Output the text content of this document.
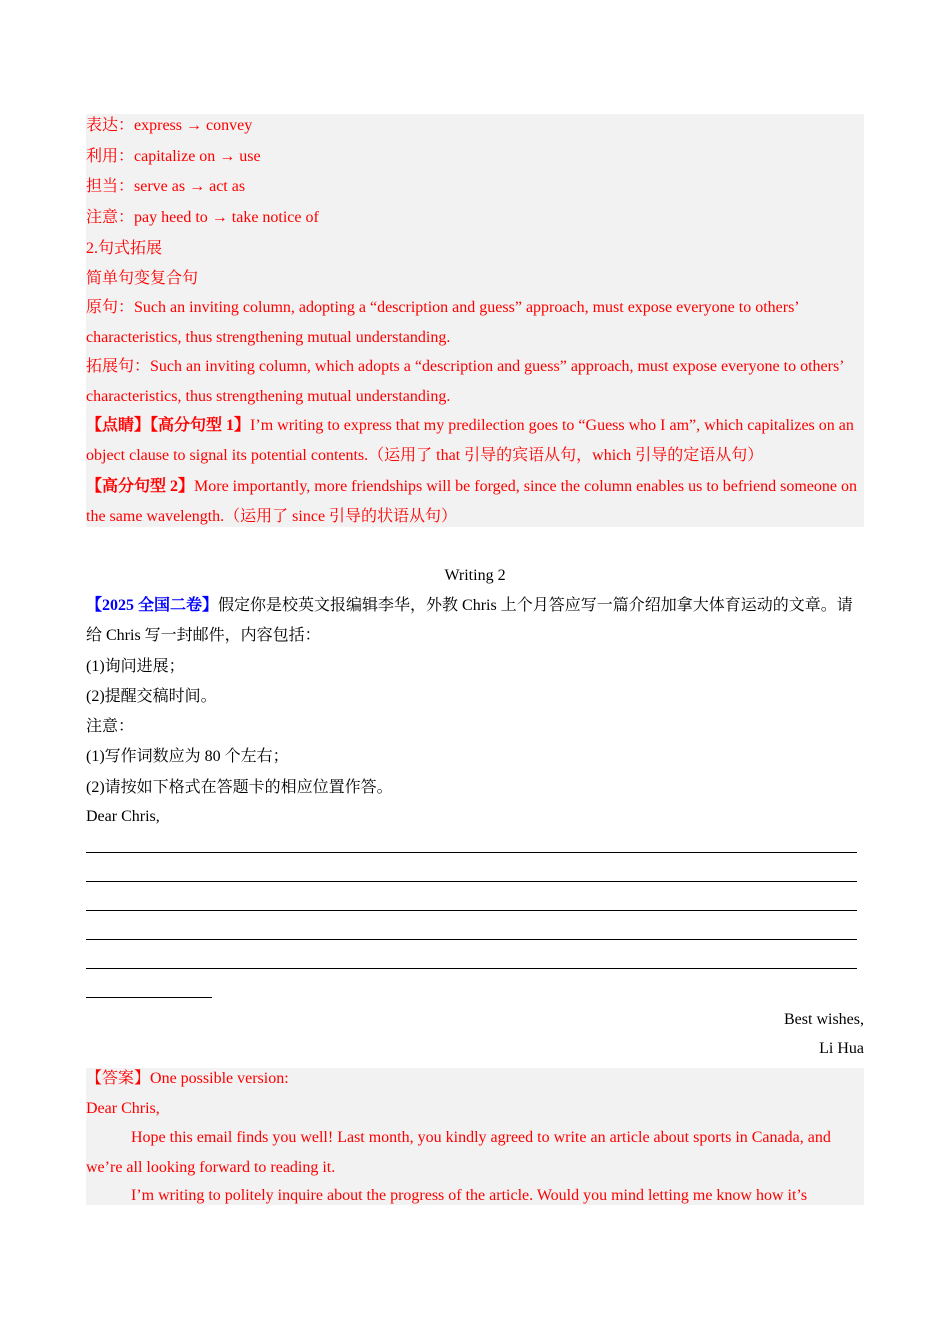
表达：express → convey
利用：capitalize on → use
担当：serve as → act as
注意：pay heed to → take notice of
2.句式拓展
简单句变复合句
原句：Such an inviting column, adopting a “description and guess” approach, must expose everyone to others’ characteristics, thus strengthening mutual understanding.
拓展句：Such an inviting column, which adopts a “description and guess” approach, must expose everyone to others’ characteristics, thus strengthening mutual understanding.
【点睛】【高分句型 1】I’m writing to express that my predilection goes to “Guess who I am”, which capitalizes on an object clause to signal its potential contents.（运用了 that 引导的宾语从句，which 引导的定语从句）
【高分句型 2】More importantly, more friendships will be forged, since the column enables us to befriend someone on the same wavelength.（运用了 since 引导的状语从句）
Writing 2
【2025 全国二卷】假定你是校英文报编辑李华，外教 Chris 上个月答应写一篇介绍加拿大体育运动的文章。请给 Chris 写一封邮件，内容包括：
(1)询问进展；
(2)提醒交稿时间。
注意：
(1)写作词数应为 80 个左右；
(2)请按如下格式在答题卡的相应位置作答。
Dear Chris,
Best wishes,
Li Hua
【答案】One possible version:
Dear Chris,
Hope this email finds you well! Last month, you kindly agreed to write an article about sports in Canada, and we’re all looking forward to reading it.
I’m writing to politely inquire about the progress of the article. Would you mind letting me know how it’s
